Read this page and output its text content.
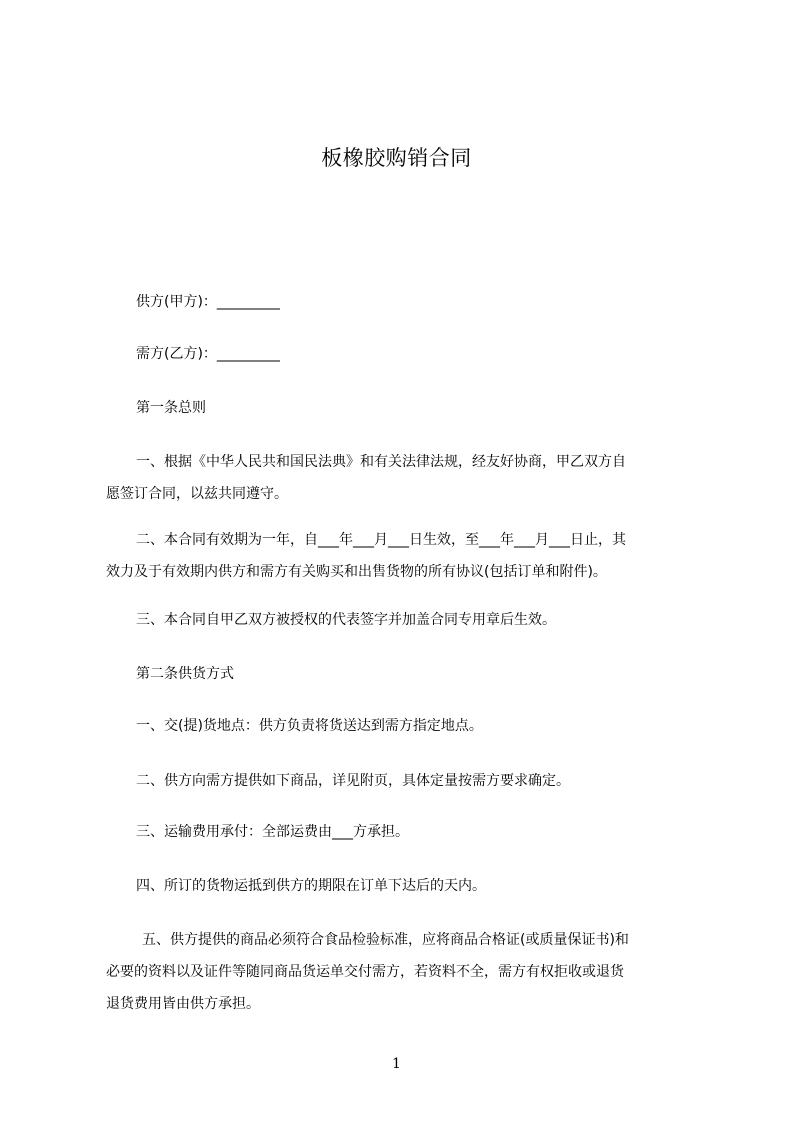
板橡胶购销合同
供方(甲方)：_________
需方(乙方)：_________
第一条总则
一、根据《中华人民共和国民法典》和有关法律法规，经友好协商，甲乙双方自
愿签订合同，以兹共同遵守。
二、本合同有效期为一年，自___年___月___日生效，至___年___月___日止，其
效力及于有效期内供方和需方有关购买和出售货物的所有协议(包括订单和附件)。
三、本合同自甲乙双方被授权的代表签字并加盖合同专用章后生效。
第二条供货方式
一、交(提)货地点：供方负责将货送达到需方指定地点。
二、供方向需方提供如下商品，详见附页，具体定量按需方要求确定。
三、运输费用承付：全部运费由___方承担。
四、所订的货物运抵到供方的期限在订单下达后的天内。
五、供方提供的商品必须符合食品检验标准，应将商品合格证(或质量保证书)和
必要的资料以及证件等随同商品货运单交付需方，若资料不全，需方有权拒收或退货
退货费用皆由供方承担。
1
